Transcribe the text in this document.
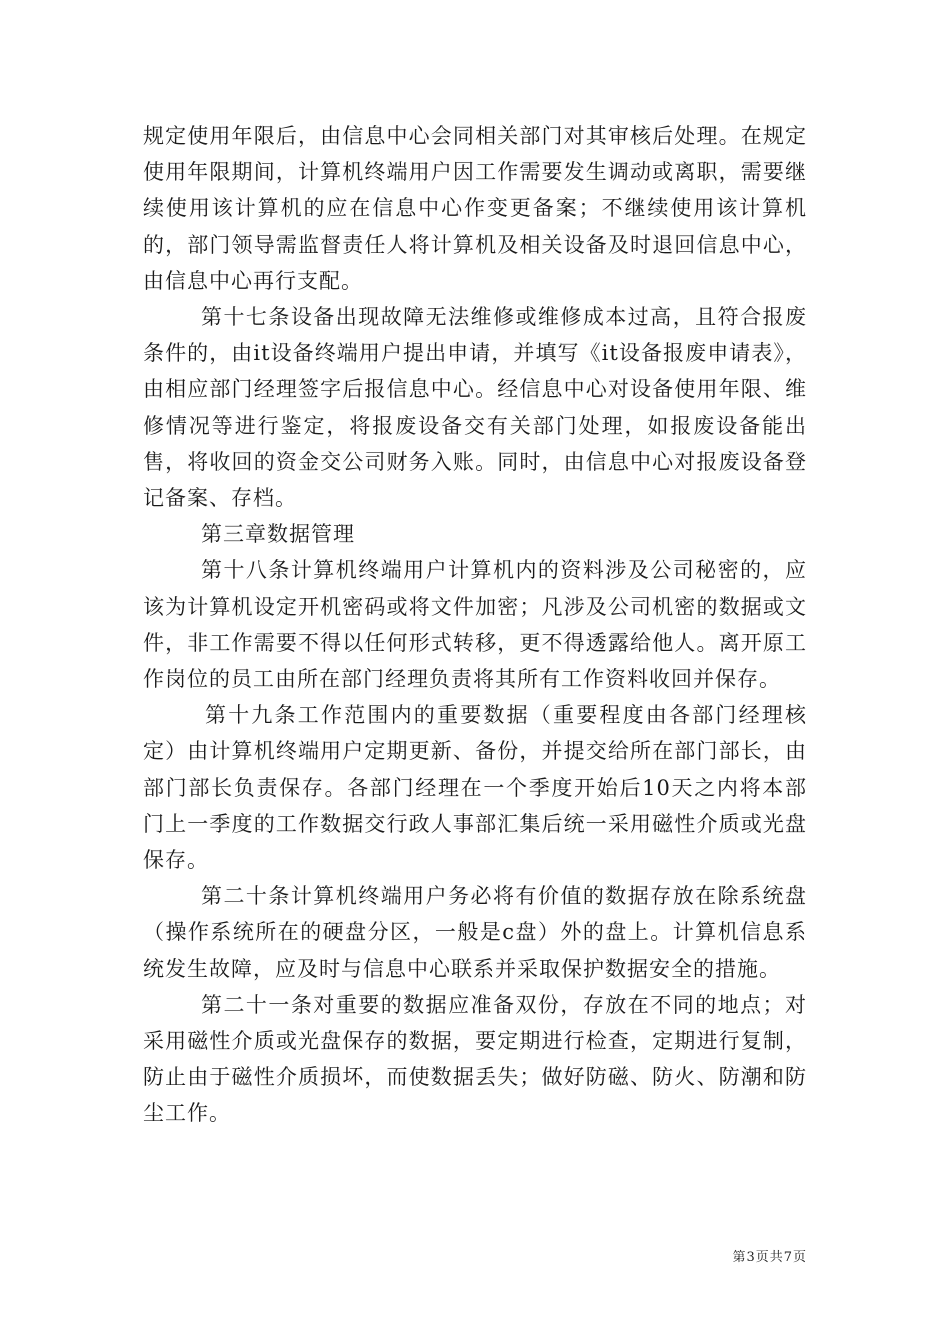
规定使用年限后，由信息中心会同相关部门对其审核后处理。在规定使用年限期间，计算机终端用户因工作需要发生调动或离职，需要继续使用该计算机的应在信息中心作变更备案；不继续使用该计算机的，部门领导需监督责任人将计算机及相关设备及时退回信息中心，由信息中心再行支配。

第十七条设备出现故障无法维修或维修成本过高，且符合报废条件的，由it设备终端用户提出申请，并填写《it设备报废申请表》，由相应部门经理签字后报信息中心。经信息中心对设备使用年限、维修情况等进行鉴定，将报废设备交有关部门处理，如报废设备能出售，将收回的资金交公司财务入账。同时，由信息中心对报废设备登记备案、存档。

第三章数据管理

第十八条计算机终端用户计算机内的资料涉及公司秘密的，应该为计算机设定开机密码或将文件加密；凡涉及公司机密的数据或文件，非工作需要不得以任何形式转移，更不得透露给他人。离开原工作岗位的员工由所在部门经理负责将其所有工作资料收回并保存。

第十九条工作范围内的重要数据（重要程度由各部门经理核定）由计算机终端用户定期更新、备份，并提交给所在部门部长，由部门部长负责保存。各部门经理在一个季度开始后10天之内将本部门上一季度的工作数据交行政人事部汇集后统一采用磁性介质或光盘保存。

第二十条计算机终端用户务必将有价值的数据存放在除系统盘（操作系统所在的硬盘分区，一般是c盘）外的盘上。计算机信息系统发生故障，应及时与信息中心联系并采取保护数据安全的措施。

第二十一条对重要的数据应准备双份，存放在不同的地点；对采用磁性介质或光盘保存的数据，要定期进行检查，定期进行复制，防止由于磁性介质损坏，而使数据丢失；做好防磁、防火、防潮和防尘工作。

第3页共7页
